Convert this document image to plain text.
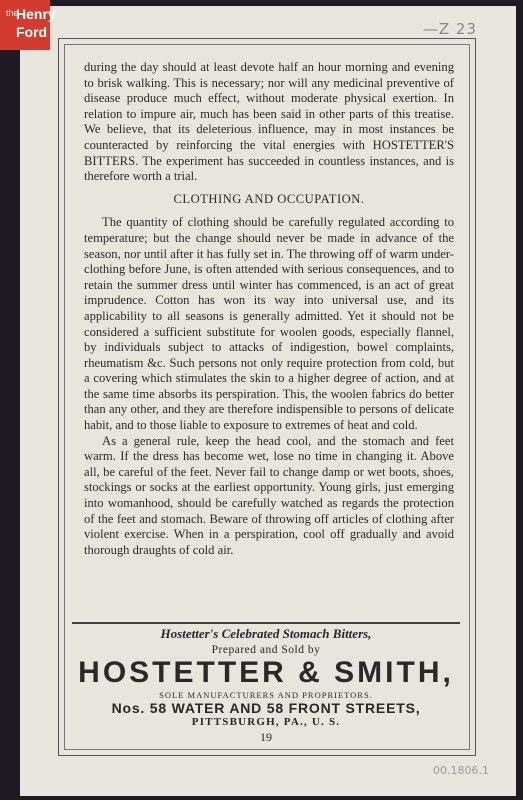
the
Henry
Ford	—Z 23

during the day should at least devote half an hour morning and evening to brisk walking. This is necessary; nor will any medicinal preventive of disease produce much effect, without moderate physical exertion. In relation to impure air, much has been said in other parts of this treatise. We believe, that its deleterious influence, may in most instances be counteracted by reinforcing the vital energies with HOSTETTER'S BITTERS. The experiment has succeeded in countless instances, and is therefore worth a trial.

CLOTHING AND OCCUPATION.

The quantity of clothing should be carefully regulated according to temperature; but the change should never be made in advance of the season, nor until after it has fully set in. The throwing off of warm under-clothing before June, is often attended with serious consequences, and to retain the summer dress until winter has commenced, is an act of great imprudence. Cotton has won its way into universal use, and its applicability to all seasons is generally admitted. Yet it should not be considered a sufficient substitute for woolen goods, especially flannel, by individuals subject to attacks of indigestion, bowel complaints, rheumatism &c. Such persons not only require protection from cold, but a covering which stimulates the skin to a higher degree of action, and at the same time absorbs its perspiration. This, the woolen fabrics do better than any other, and they are therefore indispensible to persons of delicate habit, and to those liable to exposure to extremes of heat and cold.

As a general rule, keep the head cool, and the stomach and feet warm. If the dress has become wet, lose no time in changing it. Above all, be careful of the feet. Never fail to change damp or wet boots, shoes, stockings or socks at the earliest opportunity. Young girls, just emerging into womanhood, should be carefully watched as regards the protection of the feet and stomach. Beware of throwing off articles of clothing after violent exercise. When in a perspiration, cool off gradually and avoid thorough draughts of cold air.

Hostetter's Celebrated Stomach Bitters,
Prepared and Sold by
HOSTETTER & SMITH,
SOLE MANUFACTURERS AND PROPRIETORS.
Nos. 58 WATER AND 58 FRONT STREETS,
PITTSBURGH, PA., U. S.
19
00.1806.1
